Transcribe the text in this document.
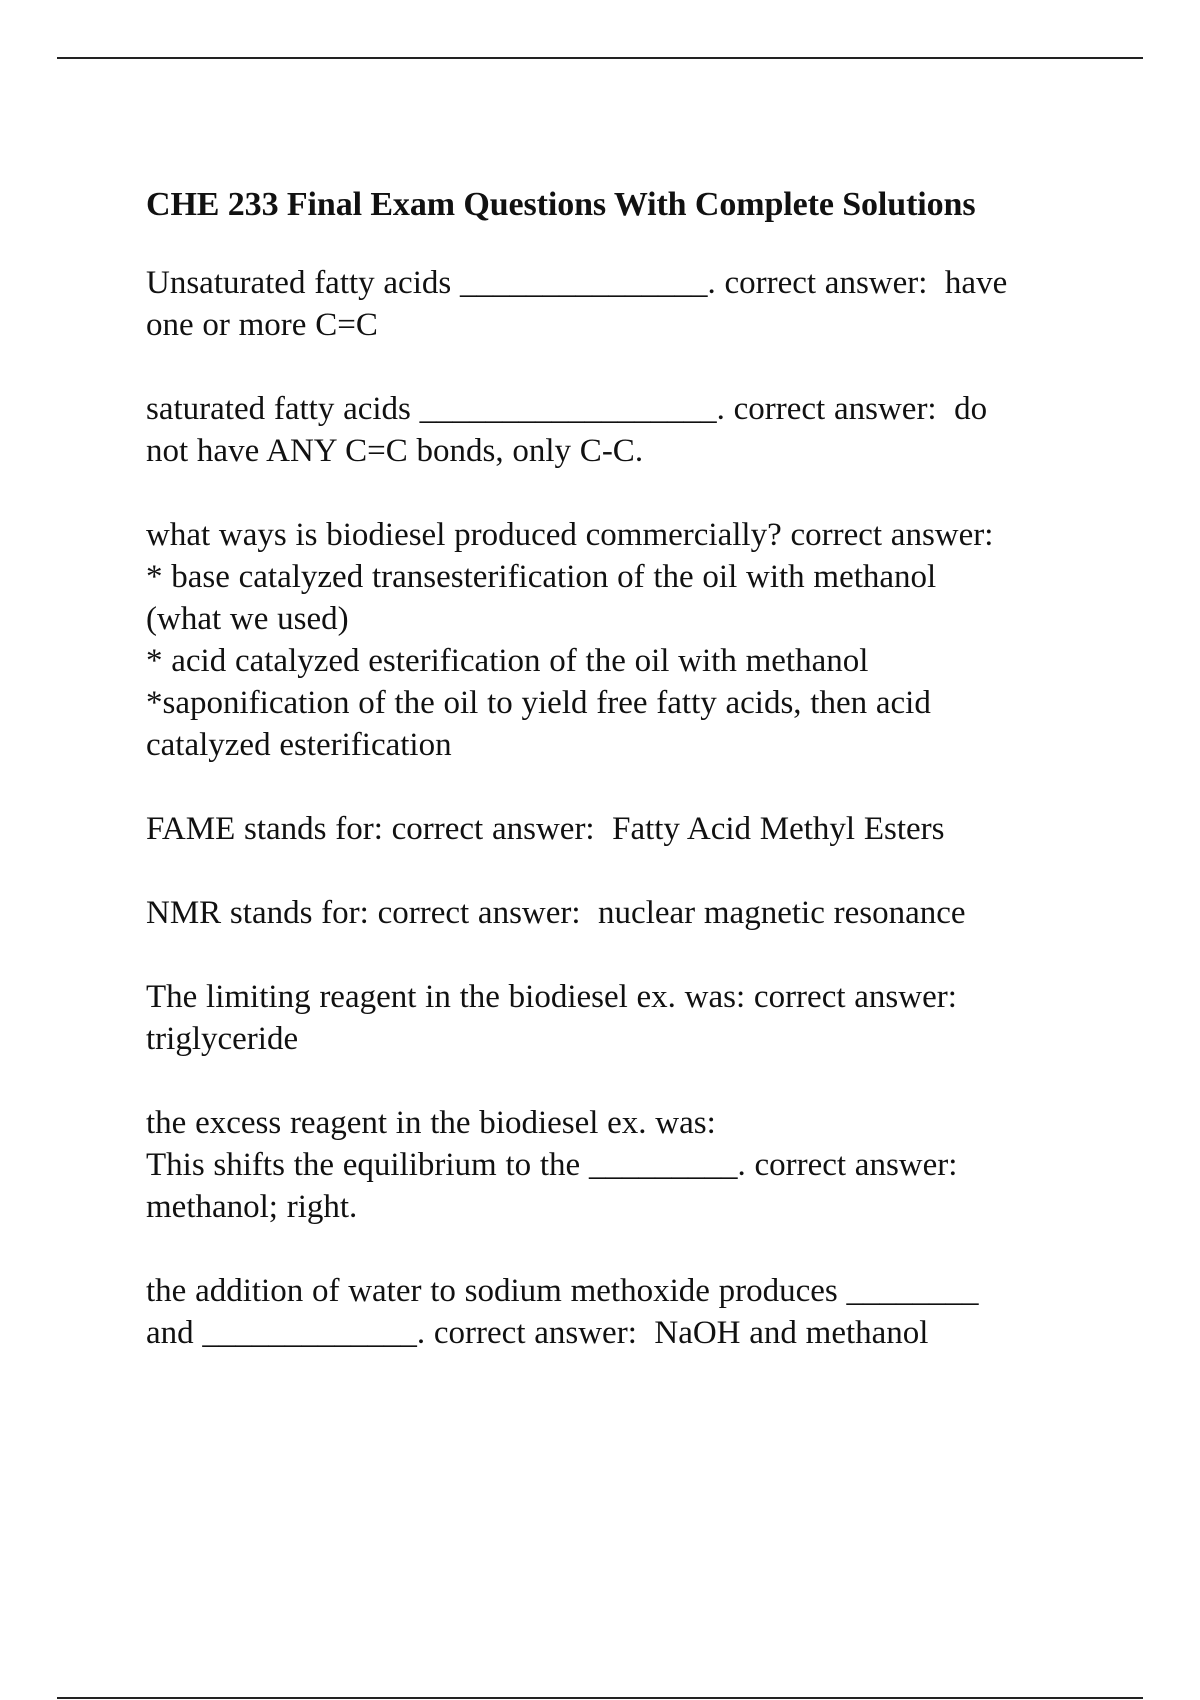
CHE 233 Final Exam Questions With Complete Solutions
Unsaturated fatty acids _______________. correct answer:  have
one or more C=C
saturated fatty acids __________________. correct answer:  do
not have ANY C=C bonds, only C-C.
what ways is biodiesel produced commercially? correct answer:
* base catalyzed transesterification of the oil with methanol
(what we used)
* acid catalyzed esterification of the oil with methanol
*saponification of the oil to yield free fatty acids, then acid
catalyzed esterification
FAME stands for: correct answer:  Fatty Acid Methyl Esters
NMR stands for: correct answer:  nuclear magnetic resonance
The limiting reagent in the biodiesel ex. was: correct answer:
triglyceride
the excess reagent in the biodiesel ex. was:
This shifts the equilibrium to the _________. correct answer:
methanol; right.
the addition of water to sodium methoxide produces ________
and _____________. correct answer:  NaOH and methanol
